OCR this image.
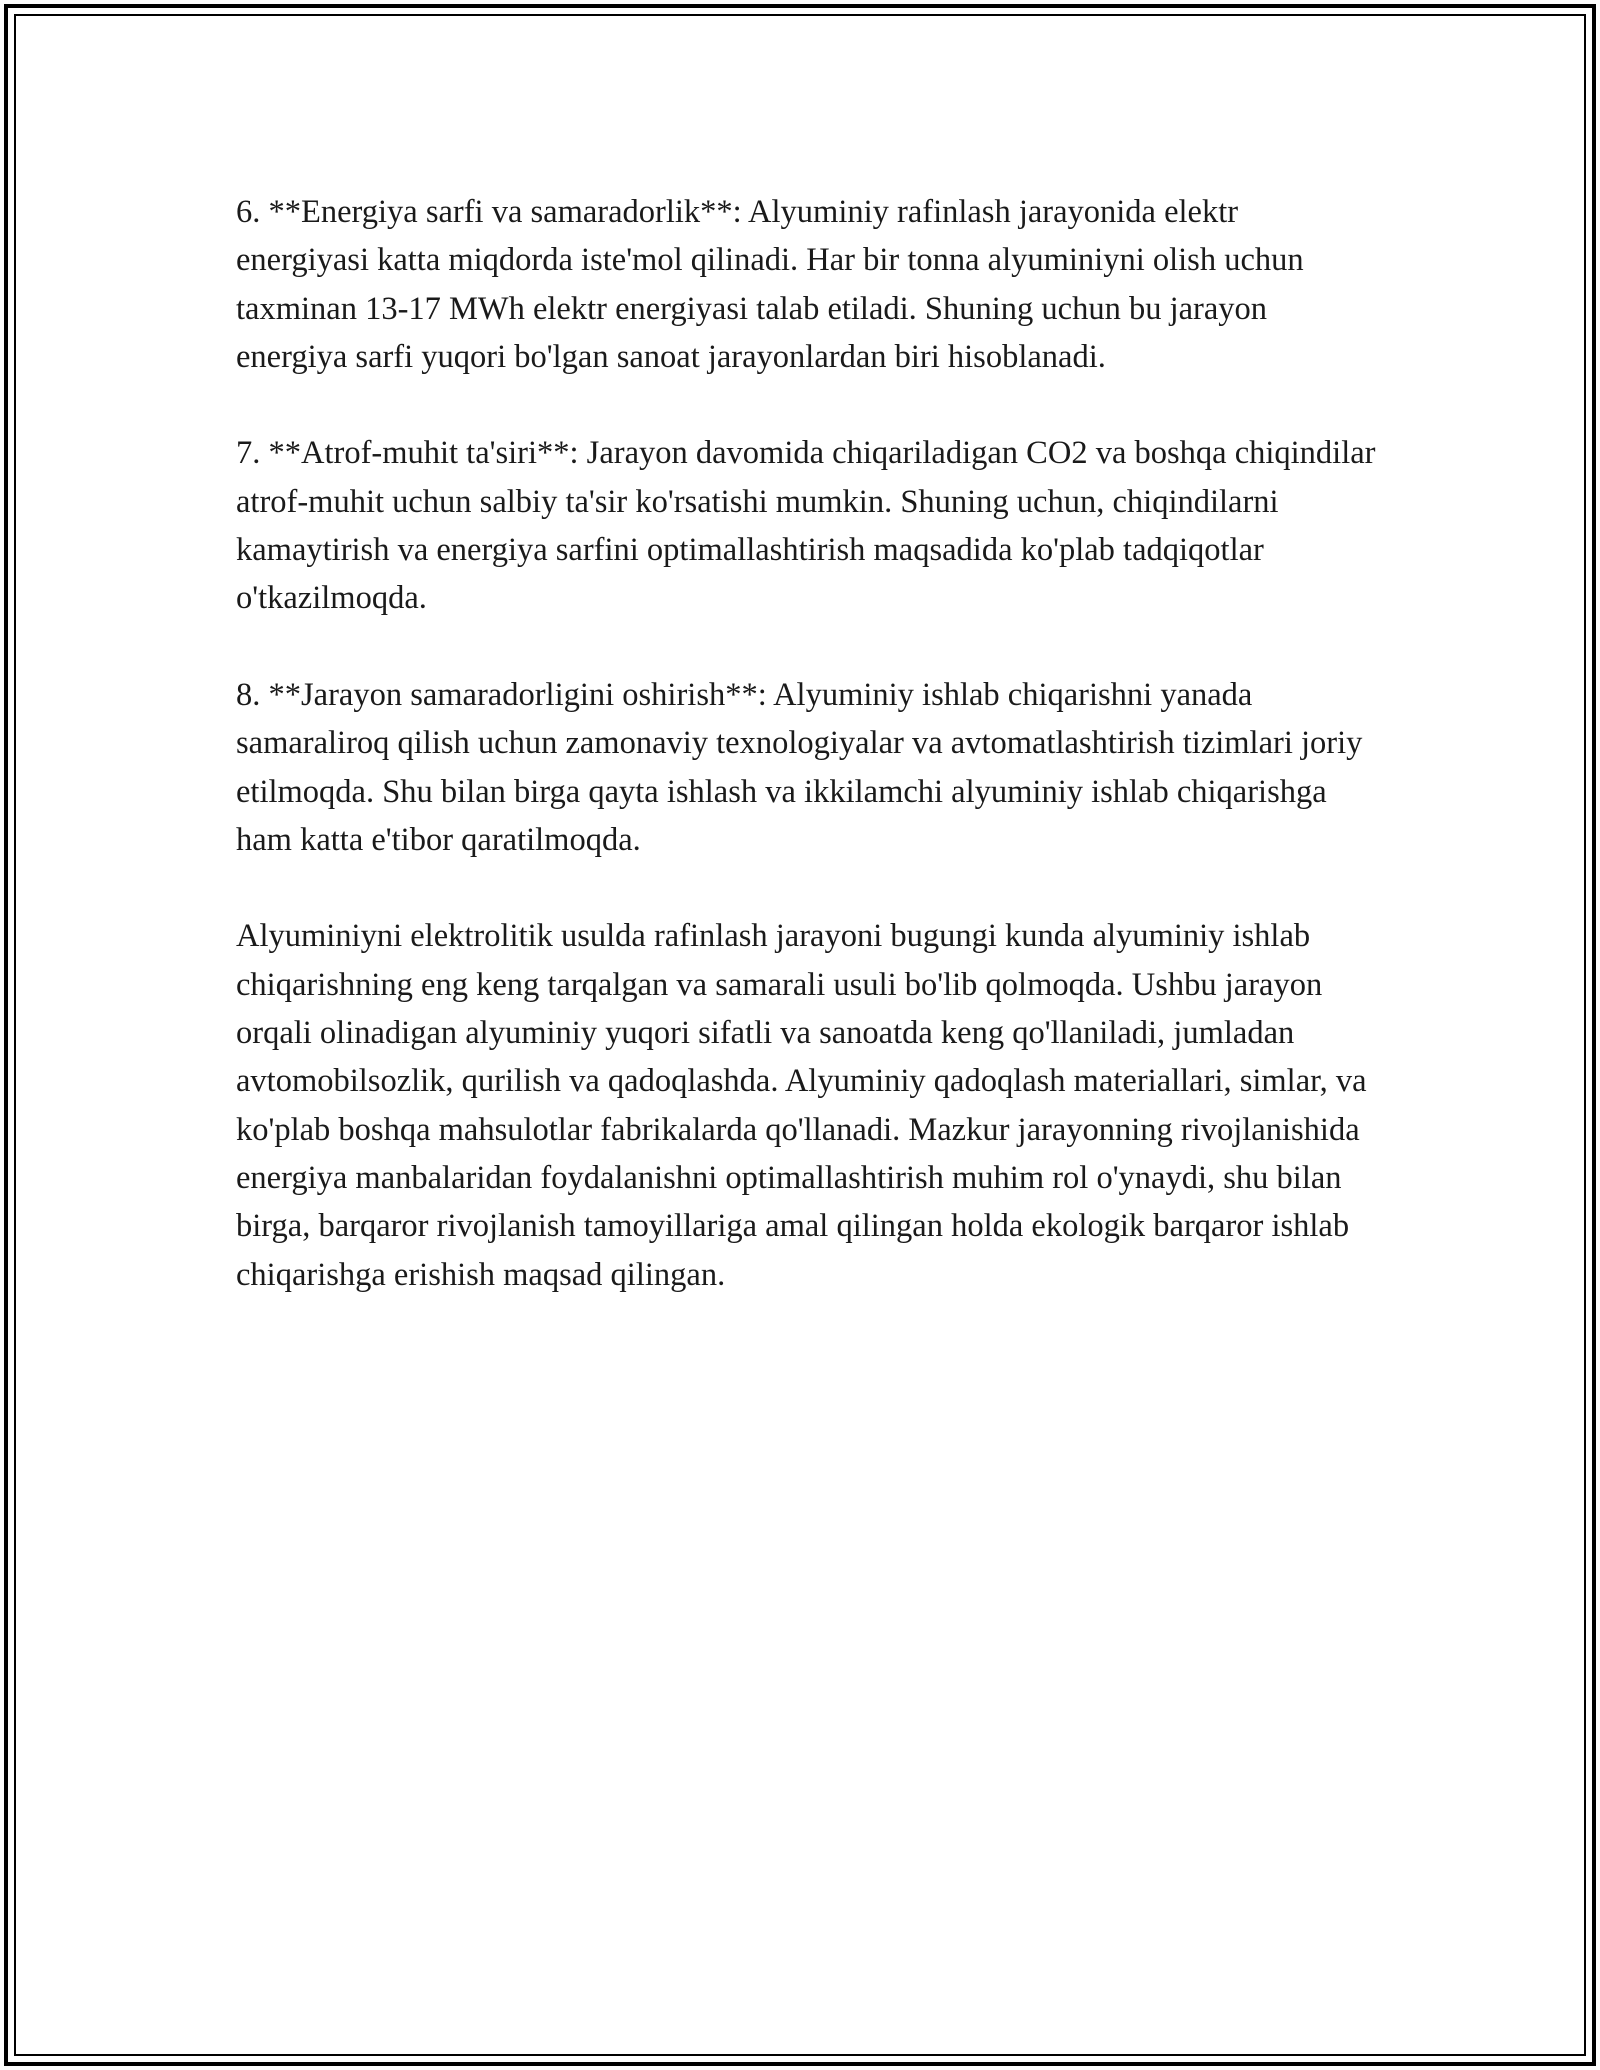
6. **Energiya sarfi va samaradorlik**: Alyuminiy rafinlash jarayonida elektr energiyasi katta miqdorda iste'mol qilinadi. Har bir tonna alyuminiyni olish uchun taxminan 13-17 MWh elektr energiyasi talab etiladi. Shuning uchun bu jarayon energiya sarfi yuqori bo'lgan sanoat jarayonlardan biri hisoblanadi.

7. **Atrof-muhit ta'siri**: Jarayon davomida chiqariladigan CO2 va boshqa chiqindilar atrof-muhit uchun salbiy ta'sir ko'rsatishi mumkin. Shuning uchun, chiqindilarni kamaytirish va energiya sarfini optimallashtirish maqsadida ko'plab tadqiqotlar o'tkazilmoqda.

8. **Jarayon samaradorligini oshirish**: Alyuminiy ishlab chiqarishni yanada samaraliroq qilish uchun zamonaviy texnologiyalar va avtomatlashtirish tizimlari joriy etilmoqda. Shu bilan birga qayta ishlash va ikkilamchi alyuminiy ishlab chiqarishga ham katta e'tibor qaratilmoqda.

Alyuminiyni elektrolitik usulda rafinlash jarayoni bugungi kunda alyuminiy ishlab chiqarishning eng keng tarqalgan va samarali usuli bo'lib qolmoqda. Ushbu jarayon orqali olinadigan alyuminiy yuqori sifatli va sanoatda keng qo'llaniladi, jumladan avtomobilsozlik, qurilish va qadoqlashda. Alyuminiy qadoqlash materiallari, simlar, va ko'plab boshqa mahsulotlar fabrikalarda qo'llanadi. Mazkur jarayonning rivojlanishida energiya manbalaridan foydalanishni optimallashtirish muhim rol o'ynaydi, shu bilan birga, barqaror rivojlanish tamoyillariga amal qilingan holda ekologik barqaror ishlab chiqarishga erishish maqsad qilingan.
